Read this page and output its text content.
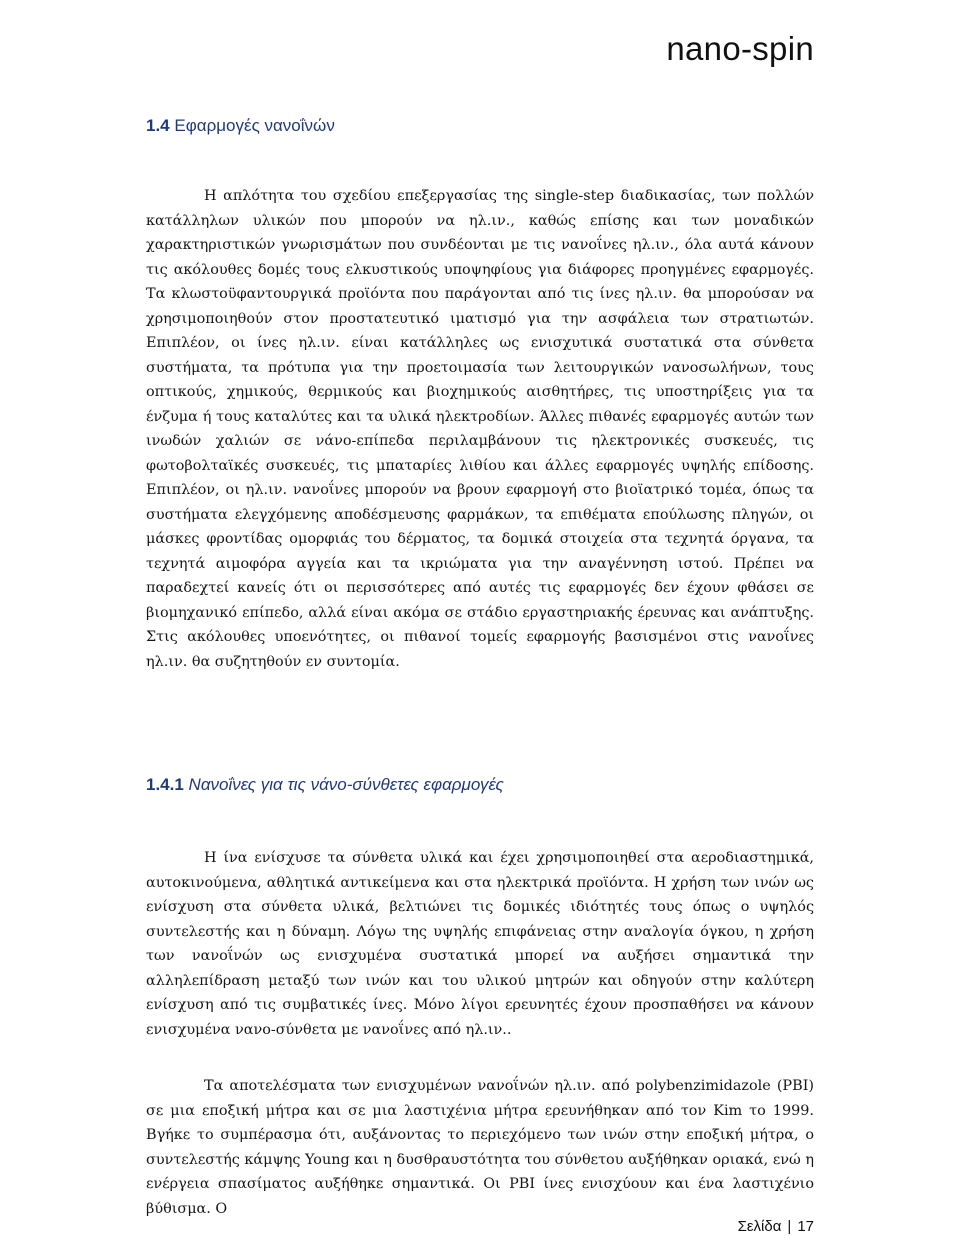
nano-spin
1.4 Εφαρμογές νανοΐνών

Η απλότητα του σχεδίου επεξεργασίας της single-step διαδικασίας, των πολλών κατάλληλων υλικών που μπορούν να ηλ.ιν., καθώς επίσης και των μοναδικών χαρακτηριστικών γνωρισμάτων που συνδέονται με τις νανοΐνες ηλ.ιν., όλα αυτά κάνουν τις ακόλουθες δομές τους ελκυστικούς υποψηφίους για διάφορες προηγμένες εφαρμογές. Τα κλωστοϋφαντουργικά προϊόντα που παράγονται από τις ίνες ηλ.ιν. θα μπορούσαν να χρησιμοποιηθούν στον προστατευτικό ιματισμό για την ασφάλεια των στρατιωτών. Επιπλέον, οι ίνες ηλ.ιν. είναι κατάλληλες ως ενισχυτικά συστατικά στα σύνθετα συστήματα, τα πρότυπα για την προετοιμασία των λειτουργικών νανοσωλήνων, τους οπτικούς, χημικούς, θερμικούς και βιοχημικούς αισθητήρες, τις υποστηρίξεις για τα ένζυμα ή τους καταλύτες και τα υλικά ηλεκτροδίων. Άλλες πιθανές εφαρμογές αυτών των ινωδών χαλιών σε νάνο-επίπεδα περιλαμβάνουν τις ηλεκτρονικές συσκευές, τις φωτοβολταϊκές συσκευές, τις μπαταρίες λιθίου και άλλες εφαρμογές υψηλής επίδοσης. Επιπλέον, οι ηλ.ιν. νανοΐνες μπορούν να βρουν εφαρμογή στο βιοϊατρικό τομέα, όπως τα συστήματα ελεγχόμενης αποδέσμευσης φαρμάκων, τα επιθέματα επούλωσης πληγών, οι μάσκες φροντίδας ομορφιάς του δέρματος, τα δομικά στοιχεία στα τεχνητά όργανα, τα τεχνητά αιμοφόρα αγγεία και τα ικριώματα για την αναγέννηση ιστού. Πρέπει να παραδεχτεί κανείς ότι οι περισσότερες από αυτές τις εφαρμογές δεν έχουν φθάσει σε βιομηχανικό επίπεδο, αλλά είναι ακόμα σε στάδιο εργαστηριακής έρευνας και ανάπτυξης. Στις ακόλουθες υποενότητες, οι πιθανοί τομείς εφαρμογής βασισμένοι στις νανοΐνες ηλ.ιν. θα συζητηθούν εν συντομία.

1.4.1 Νανοΐνες για τις νάνο-σύνθετες εφαρμογές

Η ίνα ενίσχυσε τα σύνθετα υλικά και έχει χρησιμοποιηθεί στα αεροδιαστημικά, αυτοκινούμενα, αθλητικά αντικείμενα και στα ηλεκτρικά προϊόντα. Η χρήση των ινών ως ενίσχυση στα σύνθετα υλικά, βελτιώνει τις δομικές ιδιότητές τους όπως ο υψηλός συντελεστής και η δύναμη. Λόγω της υψηλής επιφάνειας στην αναλογία όγκου, η χρήση των νανοΐνών ως ενισχυμένα συστατικά μπορεί να αυξήσει σημαντικά την αλληλεπίδραση μεταξύ των ινών και του υλικού μητρών και οδηγούν στην καλύτερη ενίσχυση από τις συμβατικές ίνες. Μόνο λίγοι ερευνητές έχουν προσπαθήσει να κάνουν ενισχυμένα νανο-σύνθετα με νανοΐνες από ηλ.ιν..

Τα αποτελέσματα των ενισχυμένων νανοΐνών ηλ.ιν. από polybenzimidazole (PBI) σε μια εποξική μήτρα και σε μια λαστιχένια μήτρα ερευνήθηκαν από τον Kim το 1999. Βγήκε το συμπέρασμα ότι, αυξάνοντας το περιεχόμενο των ινών στην εποξική μήτρα, ο συντελεστής κάμψης Young και η δυσθραυστότητα του σύνθετου αυξήθηκαν οριακά, ενώ η ενέργεια σπασίματος αυξήθηκε σημαντικά. Οι PBI ίνες ενισχύουν και ένα λαστιχένιο βύθισμα. Ο

Σελίδα | 17
